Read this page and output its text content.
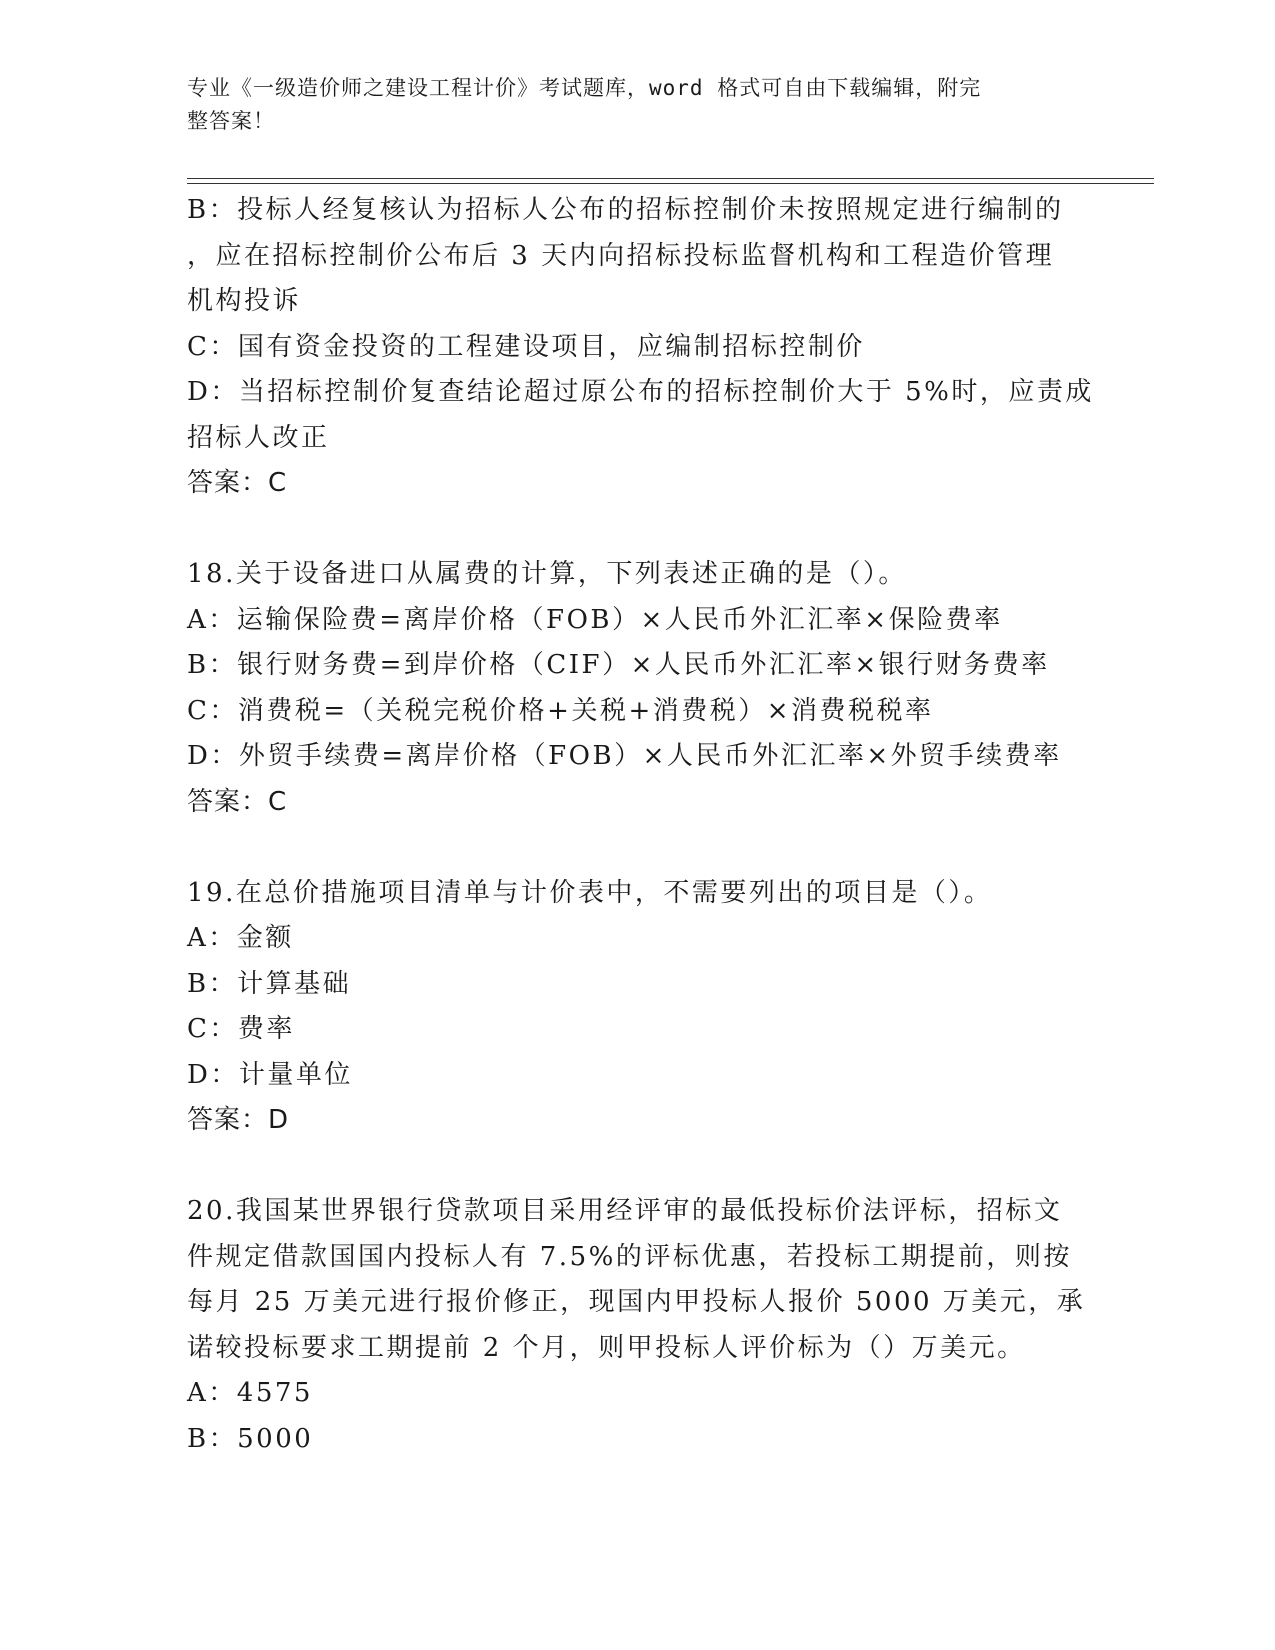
专业《一级造价师之建设工程计价》考试题库，word 格式可自由下载编辑，附完
整答案！
B：投标人经复核认为招标人公布的招标控制价未按照规定进行编制的
，应在招标控制价公布后 3 天内向招标投标监督机构和工程造价管理
机构投诉
C：国有资金投资的工程建设项目，应编制招标控制价
D：当招标控制价复查结论超过原公布的招标控制价大于 5%时，应责成
招标人改正
答案：C
18.关于设备进口从属费的计算，下列表述正确的是（）。
A：运输保险费=离岸价格（FOB）×人民币外汇汇率×保险费率
B：银行财务费=到岸价格（CIF）×人民币外汇汇率×银行财务费率
C：消费税=（关税完税价格+关税+消费税）×消费税税率
D：外贸手续费=离岸价格（FOB）×人民币外汇汇率×外贸手续费率
答案：C
19.在总价措施项目清单与计价表中，不需要列出的项目是（）。
A：金额
B：计算基础
C：费率
D：计量单位
答案：D
20.我国某世界银行贷款项目采用经评审的最低投标价法评标，招标文
件规定借款国国内投标人有 7.5%的评标优惠，若投标工期提前，则按
每月 25 万美元进行报价修正，现国内甲投标人报价 5000 万美元，承
诺较投标要求工期提前 2 个月，则甲投标人评价标为（）万美元。
A：4575
B：5000
